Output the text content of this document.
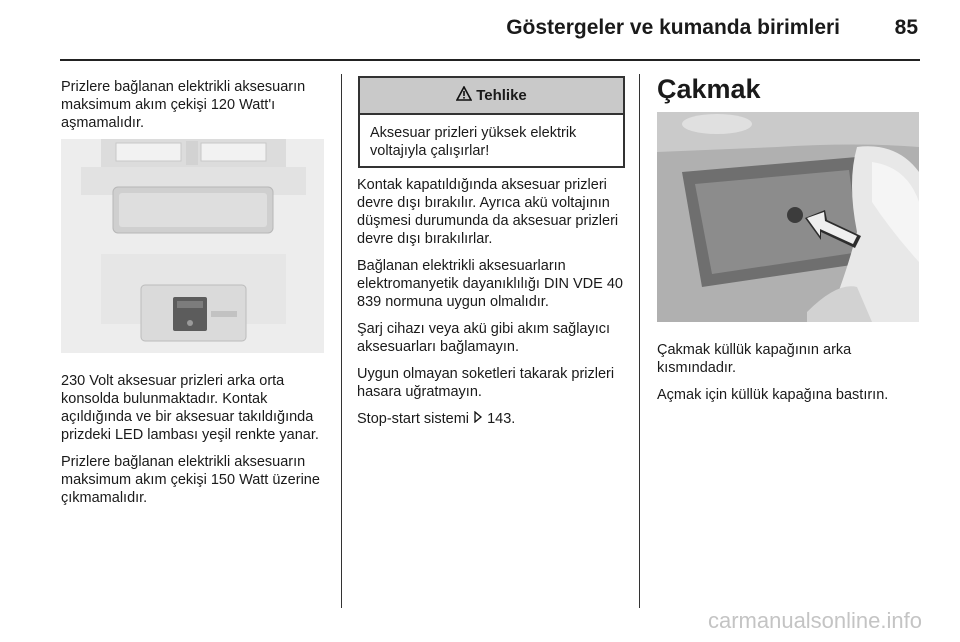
Göstergeler ve kumanda birimleri	85

Prizlere bağlanan elektrikli aksesuarın maksimum akım çekişi 120 Watt'ı aşmamalıdır.

230 Volt aksesuar prizleri arka orta konsolda bulunmaktadır. Kontak açıldığında ve bir aksesuar takıldığında prizdeki LED lambası yeşil renkte yanar.

Prizlere bağlanan elektrikli aksesuarın maksimum akım çekişi 150 Watt üzerine çıkmamalıdır.

Tehlike
Aksesuar prizleri yüksek elektrik voltajıyla çalışırlar!

Kontak kapatıldığında aksesuar prizleri devre dışı bırakılır. Ayrıca akü voltajının düşmesi durumunda da aksesuar prizleri devre dışı bırakılırlar.

Bağlanan elektrikli aksesuarların elektromanyetik dayanıklılığı DIN VDE 40 839 normuna uygun olmalıdır.

Şarj cihazı veya akü gibi akım sağlayıcı aksesuarları bağlamayın.

Uygun olmayan soketleri takarak prizleri hasara uğratmayın.

Stop-start sistemi  143.

Çakmak

Çakmak küllük kapağının arka kısmındadır.

Açmak için küllük kapağına bastırın.

carmanualsonline.info
